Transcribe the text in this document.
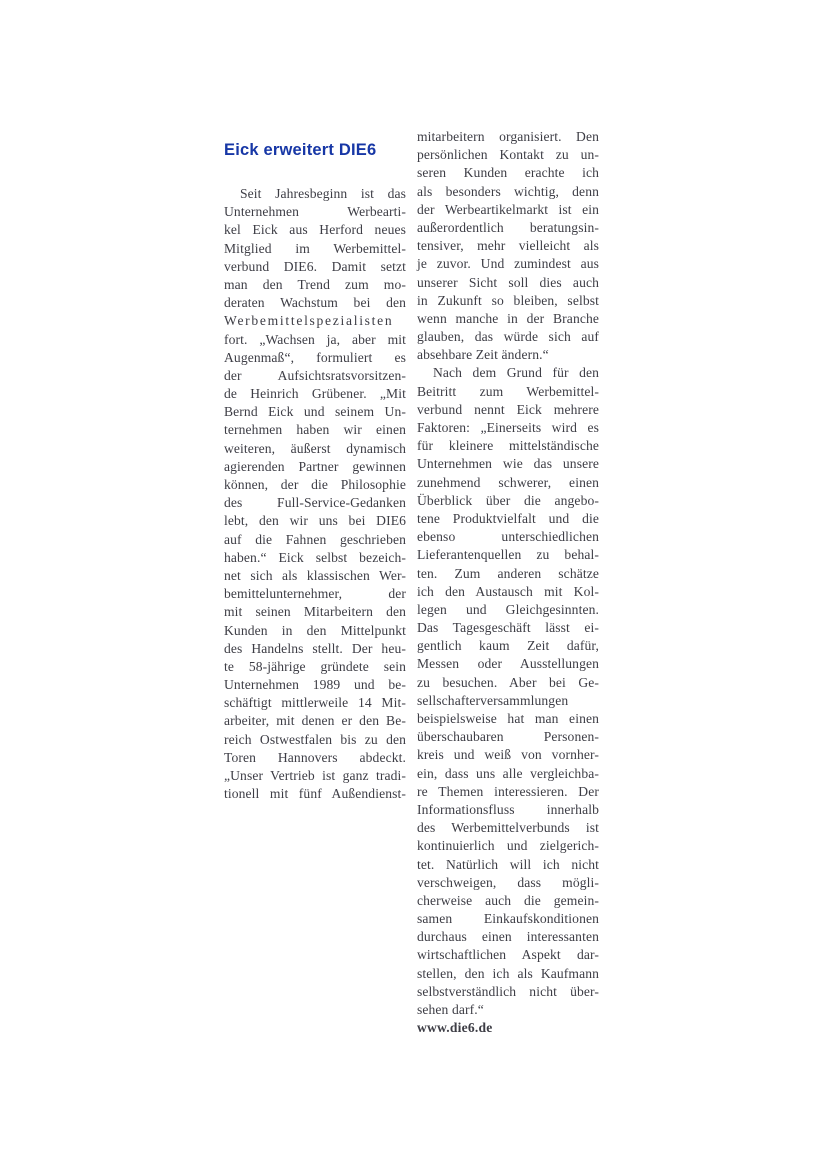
Eick erweitert DIE6
Seit Jahresbeginn ist das
Unternehmen Werbearti-
kel Eick aus Herford neues
Mitglied im Werbemittel-
verbund DIE6. Damit setzt
man den Trend zum mo-
deraten Wachstum bei den
Werbemittelspezialisten
fort. „Wachsen ja, aber mit
Augenmaß“, formuliert es
der Aufsichtsratsvorsitzen-
de Heinrich Grübener. „Mit
Bernd Eick und seinem Un-
ternehmen haben wir einen
weiteren, äußerst dynamisch
agierenden Partner gewinnen
können, der die Philosophie
des Full-Service-Gedanken
lebt, den wir uns bei DIE6
auf die Fahnen geschrieben
haben.“ Eick selbst bezeich-
net sich als klassischen Wer-
bemittelunternehmer, der
mit seinen Mitarbeitern den
Kunden in den Mittelpunkt
des Handelns stellt. Der heu-
te 58-jährige gründete sein
Unternehmen 1989 und be-
schäftigt mittlerweile 14 Mit-
arbeiter, mit denen er den Be-
reich Ostwestfalen bis zu den
Toren Hannovers abdeckt.
„Unser Vertrieb ist ganz tradi-
tionell mit fünf Außendienst-
mitarbeitern organisiert. Den
persönlichen Kontakt zu un-
seren Kunden erachte ich
als besonders wichtig, denn
der Werbeartikelmarkt ist ein
außerordentlich beratungsin-
tensiver, mehr vielleicht als
je zuvor. Und zumindest aus
unserer Sicht soll dies auch
in Zukunft so bleiben, selbst
wenn manche in der Branche
glauben, das würde sich auf
absehbare Zeit ändern.“
Nach dem Grund für den
Beitritt zum Werbemittel-
verbund nennt Eick mehrere
Faktoren: „Einerseits wird es
für kleinere mittelständische
Unternehmen wie das unsere
zunehmend schwerer, einen
Überblick über die angebo-
tene Produktvielfalt und die
ebenso unterschiedlichen
Lieferantenquellen zu behal-
ten. Zum anderen schätze
ich den Austausch mit Kol-
legen und Gleichgesinnten.
Das Tagesgeschäft lässt ei-
gentlich kaum Zeit dafür,
Messen oder Ausstellungen
zu besuchen. Aber bei Ge-
sellschafterversammlungen
beispielsweise hat man einen
überschaubaren Personen-
kreis und weiß von vornher-
ein, dass uns alle vergleichba-
re Themen interessieren. Der
Informationsfluss innerhalb
des Werbemittelverbunds ist
kontinuierlich und zielgerich-
tet. Natürlich will ich nicht
verschweigen, dass mögli-
cherweise auch die gemein-
samen Einkaufskonditionen
durchaus einen interessanten
wirtschaftlichen Aspekt dar-
stellen, den ich als Kaufmann
selbstverständlich nicht über-
sehen darf.“
www.die6.de
